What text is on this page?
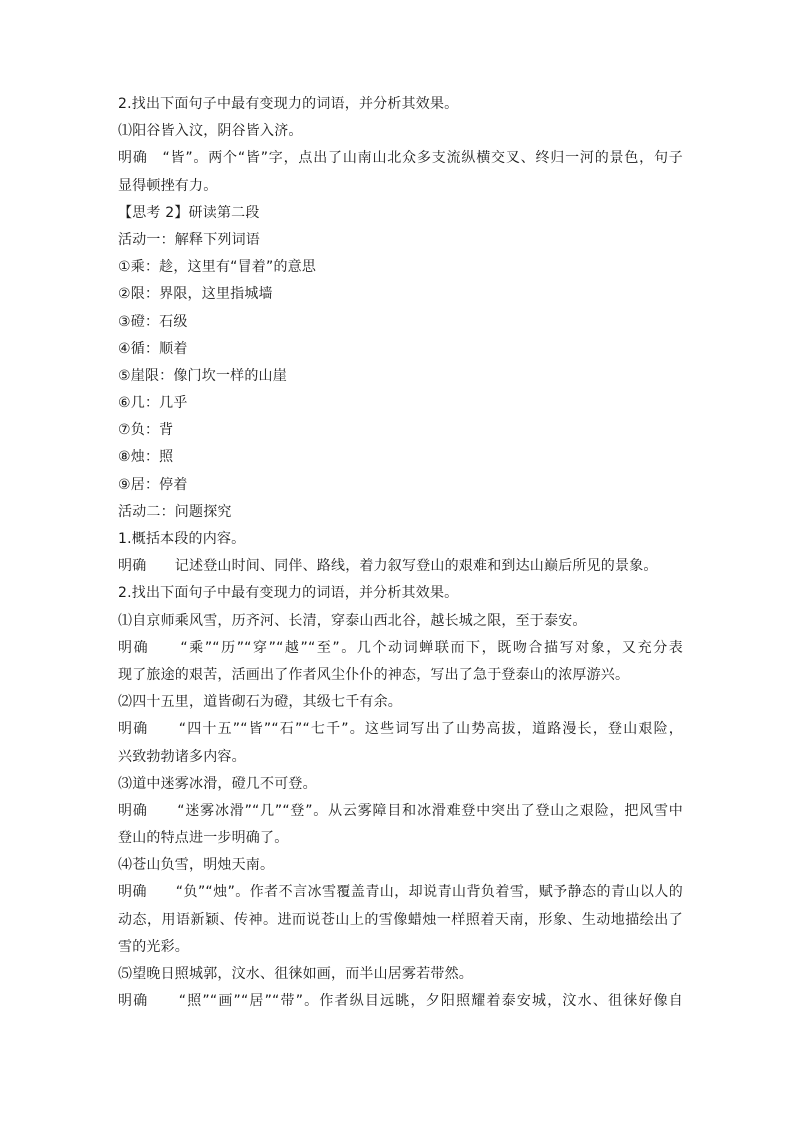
2.找出下面句子中最有变现力的词语，并分析其效果。
⑴阳谷皆入汶，阴谷皆入济。
明确　“皆”。两个“皆”字，点出了山南山北众多支流纵横交叉、终归一河的景色，句子
显得顿挫有力。
【思考 2】研读第二段
活动一：解释下列词语
①乘：趁，这里有“冒着”的意思
②限：界限，这里指城墙
③磴：石级
④循：顺着
⑤崖限：像门坎一样的山崖
⑥几：几乎
⑦负：背
⑧烛：照
⑨居：停着
活动二：问题探究
1.概括本段的内容。
明确　　记述登山时间、同伴、路线，着力叙写登山的艰难和到达山巅后所见的景象。
2.找出下面句子中最有变现力的词语，并分析其效果。
⑴自京师乘风雪，历齐河、长清，穿泰山西北谷，越长城之限，至于泰安。
明确　　“乘”“历”“穿”“越”“至”。几个动词蝉联而下，既吻合描写对象，又充分表
现了旅途的艰苦，活画出了作者风尘仆仆的神态，写出了急于登泰山的浓厚游兴。
⑵四十五里，道皆砌石为磴，其级七千有余。
明确　　“四十五”“皆”“石”“七千”。这些词写出了山势高拔，道路漫长，登山艰险，
兴致勃勃诸多内容。
⑶道中迷雾冰滑，磴几不可登。
明确　　“迷雾冰滑”“几”“登”。从云雾障目和冰滑难登中突出了登山之艰险，把风雪中
登山的特点进一步明确了。
⑷苍山负雪，明烛天南。
明确　　“负”“烛”。作者不言冰雪覆盖青山，却说青山背负着雪，赋予静态的青山以人的
动态，用语新颖、传神。进而说苍山上的雪像蜡烛一样照着天南，形象、生动地描绘出了
雪的光彩。
⑸望晚日照城郭，汶水、徂徕如画，而半山居雾若带然。
明确　　“照”“画”“居”“带”。作者纵目远眺，夕阳照耀着泰安城，汶水、徂徕好像自
